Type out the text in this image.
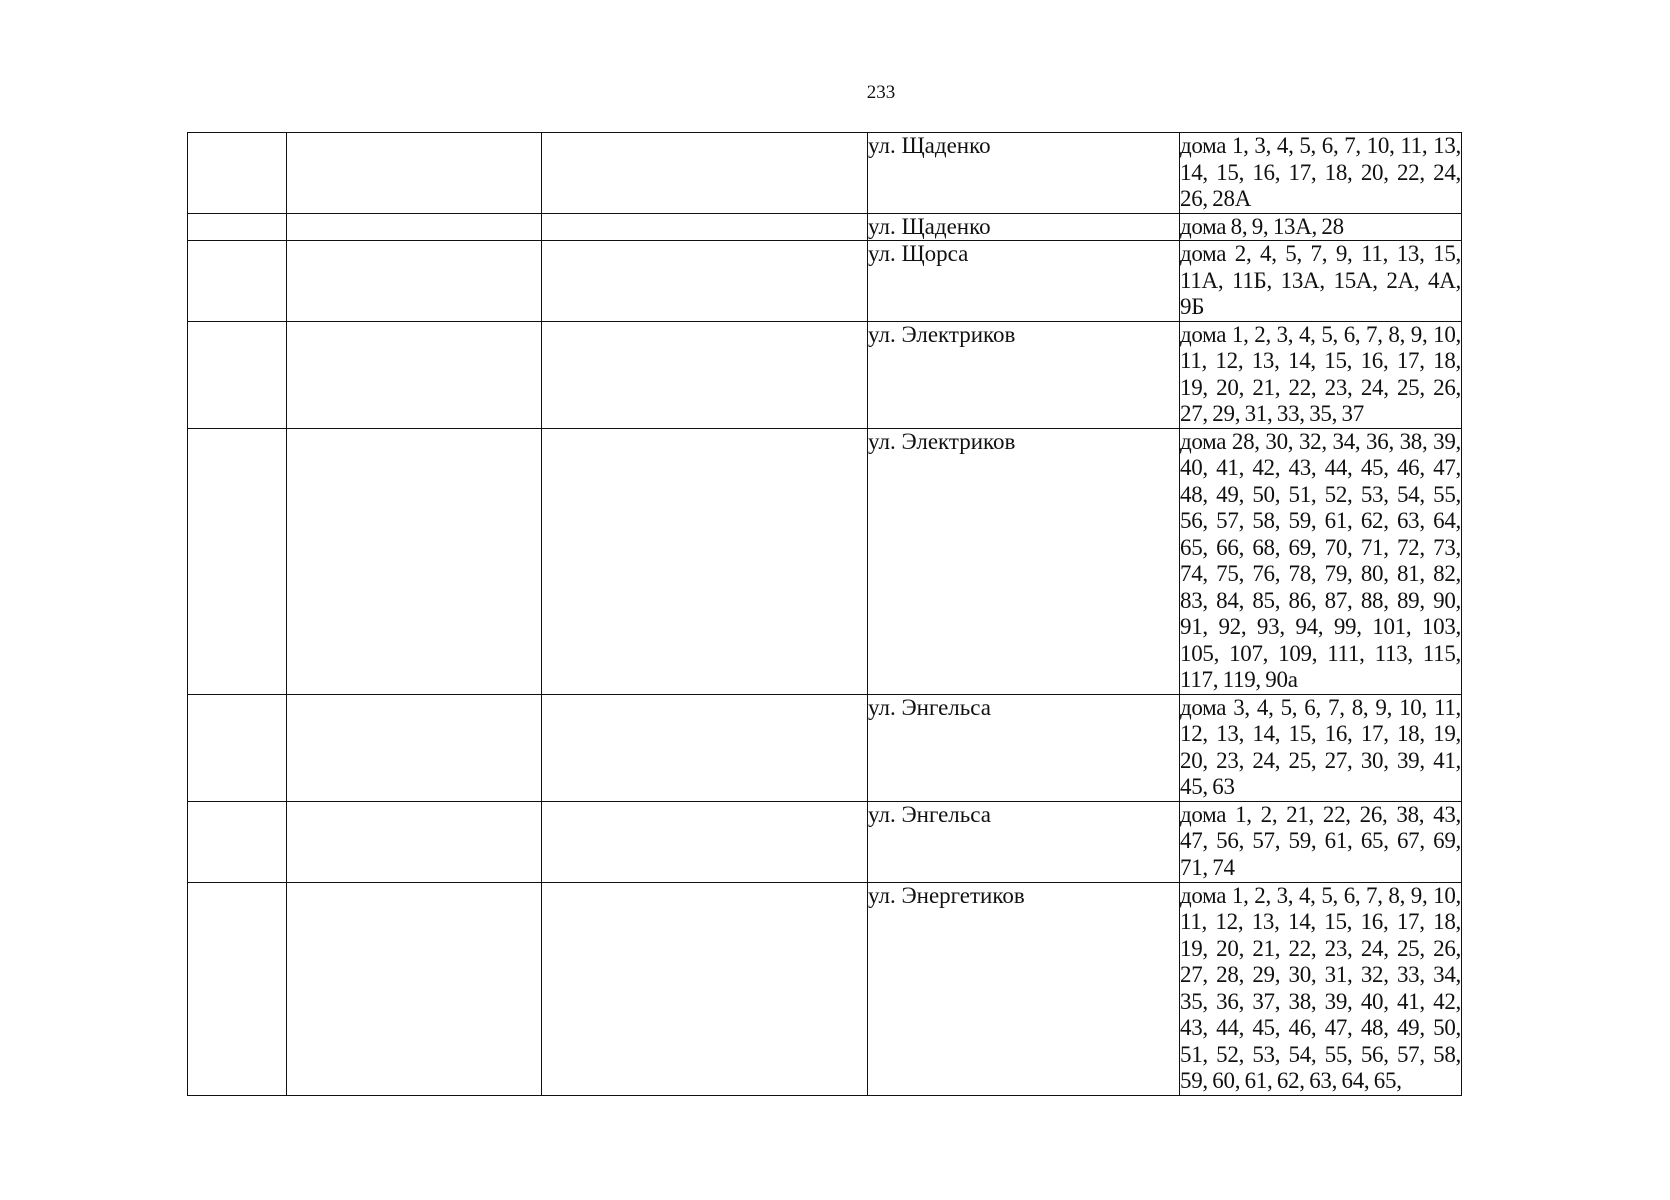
233
			ул. Щаденко	дома 1, 3, 4, 5, 6, 7, 10, 11, 13, 14, 15, 16, 17, 18, 20, 22, 24, 26, 28А
			ул. Щаденко	дома 8, 9, 13А, 28
			ул. Щорса	дома 2, 4, 5, 7, 9, 11, 13, 15, 11А, 11Б, 13А, 15А, 2А, 4А, 9Б
			ул. Электриков	дома 1, 2, 3, 4, 5, 6, 7, 8, 9, 10, 11, 12, 13, 14, 15, 16, 17, 18, 19, 20, 21, 22, 23, 24, 25, 26, 27, 29, 31, 33, 35, 37
			ул. Электриков	дома 28, 30, 32, 34, 36, 38, 39, 40, 41, 42, 43, 44, 45, 46, 47, 48, 49, 50, 51, 52, 53, 54, 55, 56, 57, 58, 59, 61, 62, 63, 64, 65, 66, 68, 69, 70, 71, 72, 73, 74, 75, 76, 78, 79, 80, 81, 82, 83, 84, 85, 86, 87, 88, 89, 90, 91, 92, 93, 94, 99, 101, 103, 105, 107, 109, 111, 113, 115, 117, 119, 90а
			ул. Энгельса	дома 3, 4, 5, 6, 7, 8, 9, 10, 11, 12, 13, 14, 15, 16, 17, 18, 19, 20, 23, 24, 25, 27, 30, 39, 41, 45, 63
			ул. Энгельса	дома 1, 2, 21, 22, 26, 38, 43, 47, 56, 57, 59, 61, 65, 67, 69, 71, 74
			ул. Энергетиков	дома 1, 2, 3, 4, 5, 6, 7, 8, 9, 10, 11, 12, 13, 14, 15, 16, 17, 18, 19, 20, 21, 22, 23, 24, 25, 26, 27, 28, 29, 30, 31, 32, 33, 34, 35, 36, 37, 38, 39, 40, 41, 42, 43, 44, 45, 46, 47, 48, 49, 50, 51, 52, 53, 54, 55, 56, 57, 58, 59, 60, 61, 62, 63, 64, 65,
